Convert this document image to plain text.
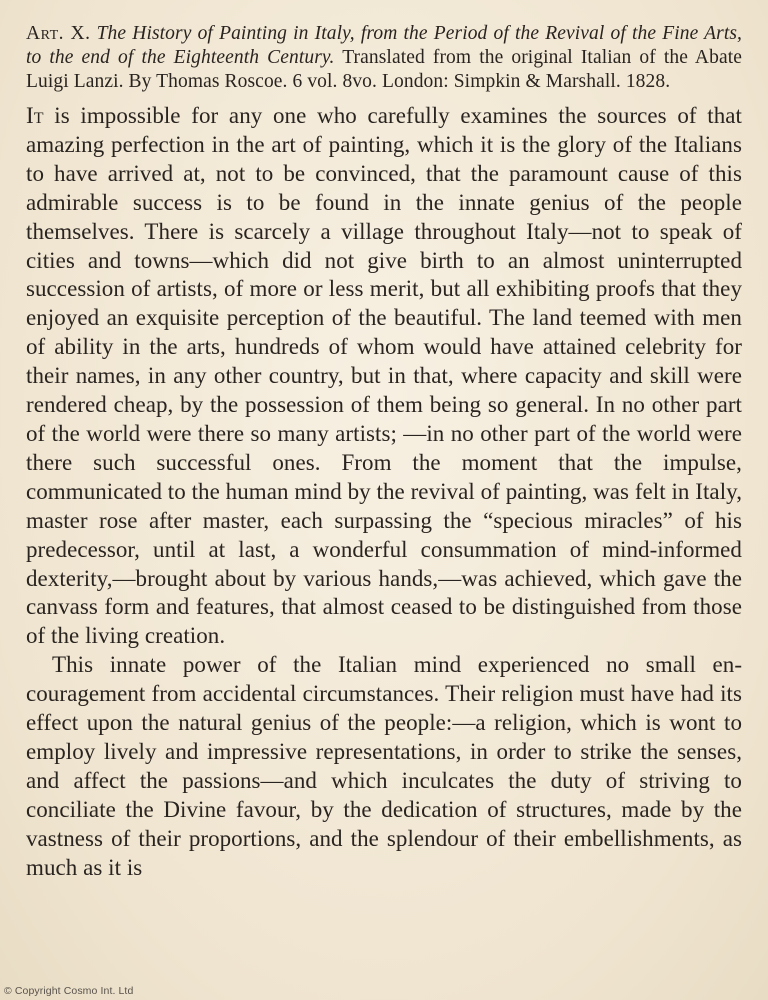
Art. X. The History of Painting in Italy, from the Period of the Revival of the Fine Arts, to the end of the Eighteenth Century. Translated from the original Italian of the Abate Luigi Lanzi. By Thomas Roscoe. 6 vol. 8vo. London: Simpkin & Marshall. 1828.

It is impossible for any one who carefully examines the sources of that amazing perfection in the art of painting, which it is the glory of the Italians to have arrived at, not to be convinced, that the paramount cause of this admirable success is to be found in the innate genius of the people themselves. There is scarcely a village throughout Italy—not to speak of cities and towns—which did not give birth to an almost uninterrupted succession of artists, of more or less merit, but all exhibiting proofs that they enjoyed an exquisite perception of the beautiful. The land teemed with men of ability in the arts, hundreds of whom would have attained celebrity for their names, in any other country, but in that, where capacity and skill were rendered cheap, by the possession of them being so general. In no other part of the world were there so many artists; —in no other part of the world were there such successful ones. From the moment that the impulse, communicated to the human mind by the revival of painting, was felt in Italy, master rose after master, each surpassing the “specious miracles” of his predecessor, until at last, a wonderful consummation of mind-informed dexterity,—brought about by various hands,—was achieved, which gave the canvass form and features, that almost ceased to be distinguished from those of the living creation.

This innate power of the Italian mind experienced no small encouragement from accidental circumstances. Their religion must have had its effect upon the natural genius of the people:—a religion, which is wont to employ lively and impressive representations, in order to strike the senses, and affect the passions—and which inculcates the duty of striving to conciliate the Divine favour, by the dedication of structures, made by the vastness of their proportions, and the splendour of their embellishments, as much as it is

© Copyright Cosmo Int. Ltd
